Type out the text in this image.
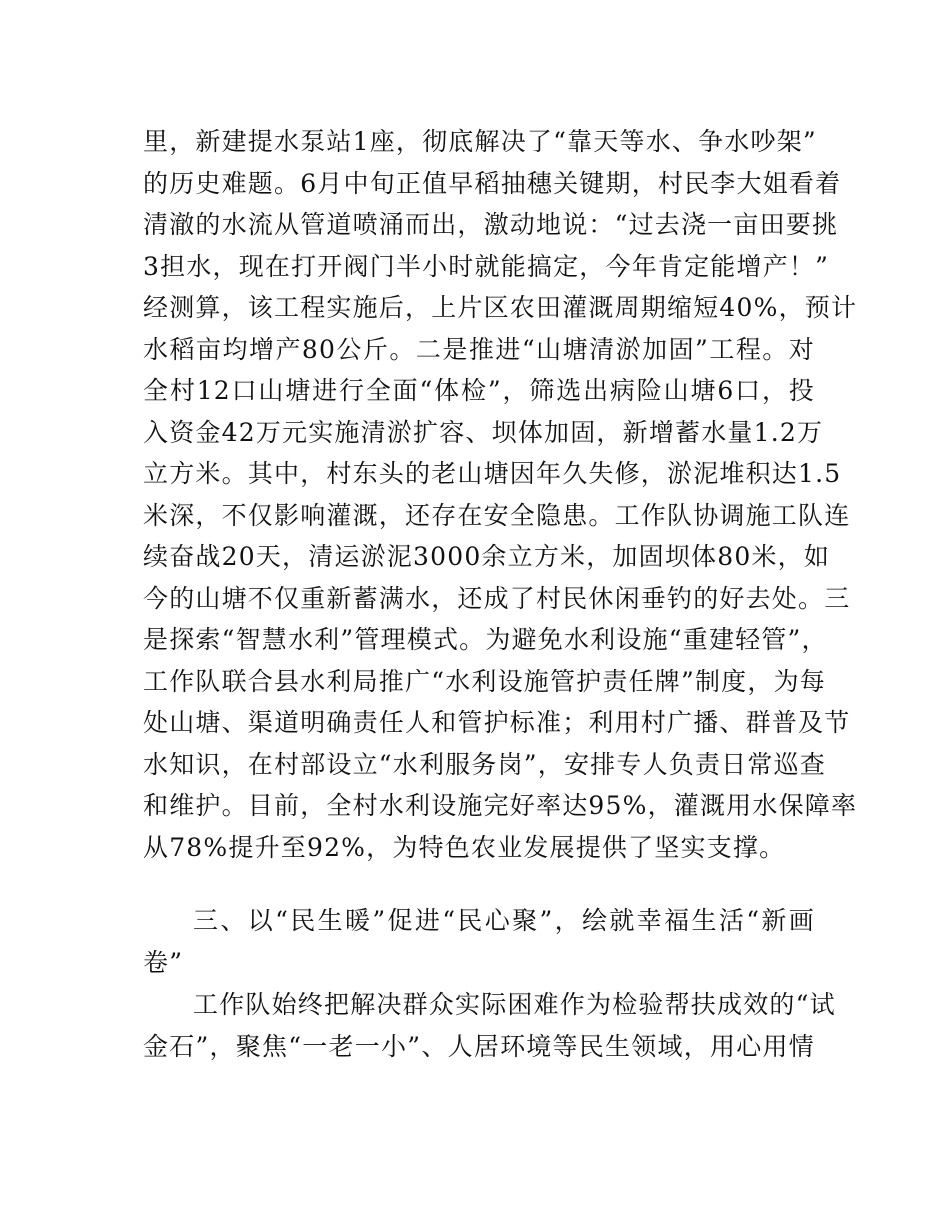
里，新建提水泵站1座，彻底解决了“靠天等水、争水吵架”
的历史难题。6月中旬正值早稻抽穗关键期，村民李大姐看着
清澈的水流从管道喷涌而出，激动地说：“过去浇一亩田要挑
3担水，现在打开阀门半小时就能搞定，今年肯定能增产！”
经测算，该工程实施后，上片区农田灌溉周期缩短40%，预计
水稻亩均增产80公斤。二是推进“山塘清淤加固”工程。对
全村12口山塘进行全面“体检”，筛选出病险山塘6口，投
入资金42万元实施清淤扩容、坝体加固，新增蓄水量1.2万
立方米。其中，村东头的老山塘因年久失修，淤泥堆积达1.5
米深，不仅影响灌溉，还存在安全隐患。工作队协调施工队连
续奋战20天，清运淤泥3000余立方米，加固坝体80米，如
今的山塘不仅重新蓄满水，还成了村民休闲垂钓的好去处。三
是探索“智慧水利”管理模式。为避免水利设施“重建轻管”，
工作队联合县水利局推广“水利设施管护责任牌”制度，为每
处山塘、渠道明确责任人和管护标准；利用村广播、群普及节
水知识，在村部设立“水利服务岗”，安排专人负责日常巡查
和维护。目前，全村水利设施完好率达95%，灌溉用水保障率
从78%提升至92%，为特色农业发展提供了坚实支撑。
三、以“民生暖”促进“民心聚”，绘就幸福生活“新画
卷”
工作队始终把解决群众实际困难作为检验帮扶成效的“试
金石”，聚焦“一老一小”、人居环境等民生领域，用心用情
